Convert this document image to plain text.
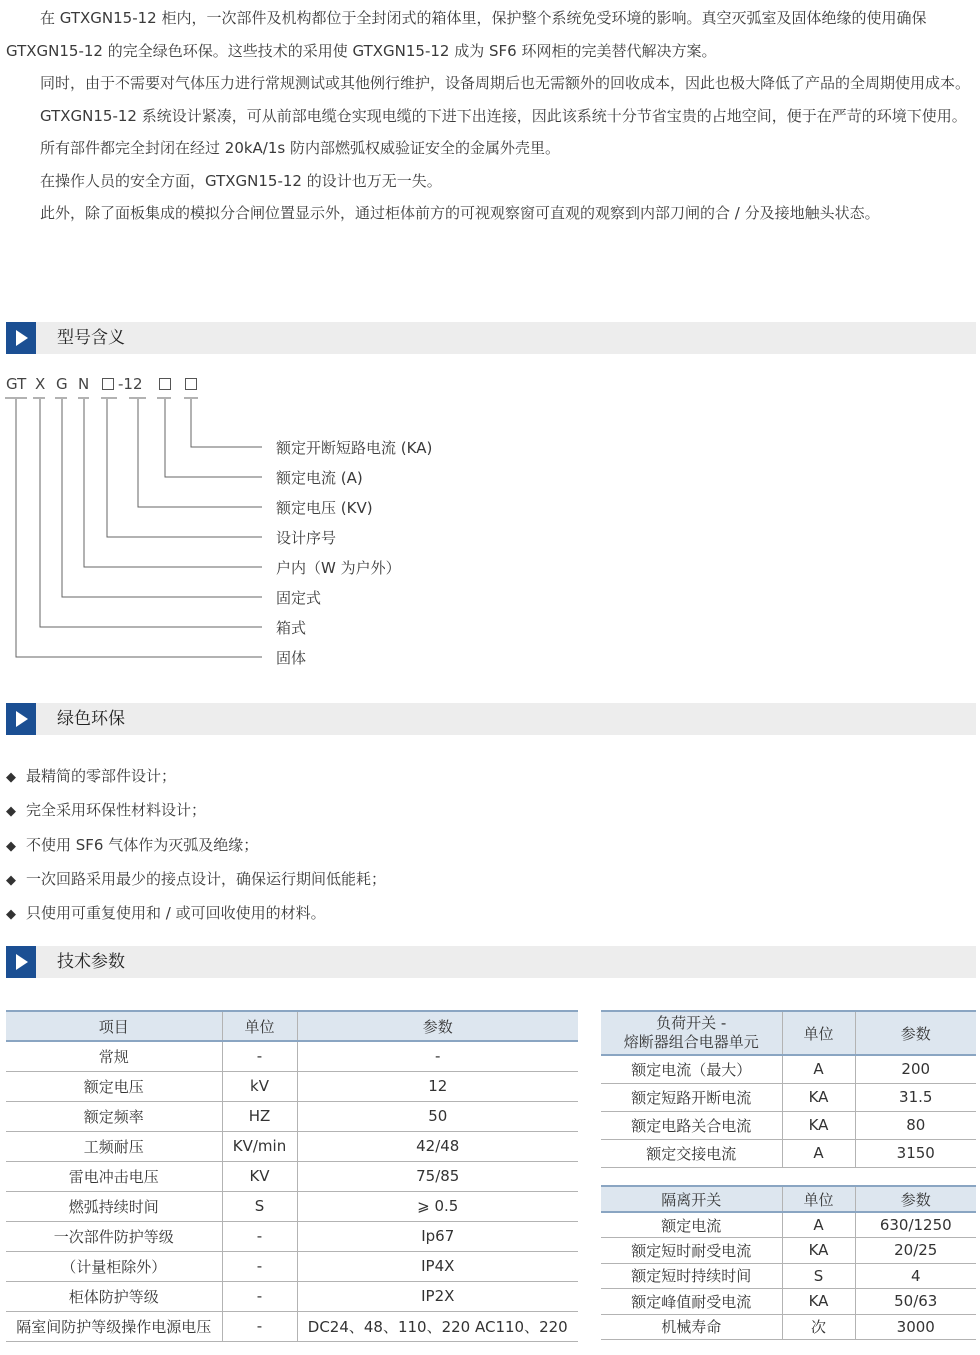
在 GTXGN15-12 柜内，一次部件及机构都位于全封闭式的箱体里，保护整个系统免受环境的影响。真空灭弧室及固体绝缘的使用确保 GTXGN15-12 的完全绿色环保。这些技术的采用使 GTXGN15-12 成为 SF6 环网柜的完美替代解决方案。

同时，由于不需要对气体压力进行常规测试或其他例行维护，设备周期后也无需额外的回收成本，因此也极大降低了产品的全周期使用成本。

GTXGN15-12 系统设计紧凑，可从前部电缆仓实现电缆的下进下出连接，因此该系统十分节省宝贵的占地空间，便于在严苛的环境下使用。

所有部件都完全封闭在经过 20kA/1s 防内部燃弧权威验证安全的金属外壳里。

在操作人员的安全方面，GTXGN15-12 的设计也万无一失。

此外，除了面板集成的模拟分合闸位置显示外，通过柜体前方的可视观察窗可直观的观察到内部刀闸的合 / 分及接地触头状态。

型号含义
GT X G N -12
额定开断短路电流 (KA)
额定电流 (A)
额定电压 (KV)
设计序号
户内（W 为户外）
固定式
箱式
固体
绿色环保
◆ 最精简的零部件设计；
◆ 完全采用环保性材料设计；
◆ 不使用 SF6 气体作为灭弧及绝缘；
◆ 一次回路采用最少的接点设计，确保运行期间低能耗；
◆ 只使用可重复使用和 / 或可回收使用的材料。
技术参数
项目	单位	参数
常规	-	-
额定电压	kV	12
额定频率	HZ	50
工频耐压	KV/min	42/48
雷电冲击电压	KV	75/85
燃弧持续时间	S	⩾ 0.5
一次部件防护等级	-	Ip67
（计量柜除外）	-	IP4X
柜体防护等级	-	IP2X
隔室间防护等级操作电源电压	-	DC24、48、110、220 AC110、220
负荷开关 -
熔断器组合电器单元	单位	参数
额定电流（最大）	A	200
额定短路开断电流	KA	31.5
额定电路关合电流	KA	80
额定交接电流	A	3150
隔离开关	单位	参数
额定电流	A	630/1250
额定短时耐受电流	KA	20/25
额定短时持续时间	S	4
额定峰值耐受电流	KA	50/63
机械寿命	次	3000
